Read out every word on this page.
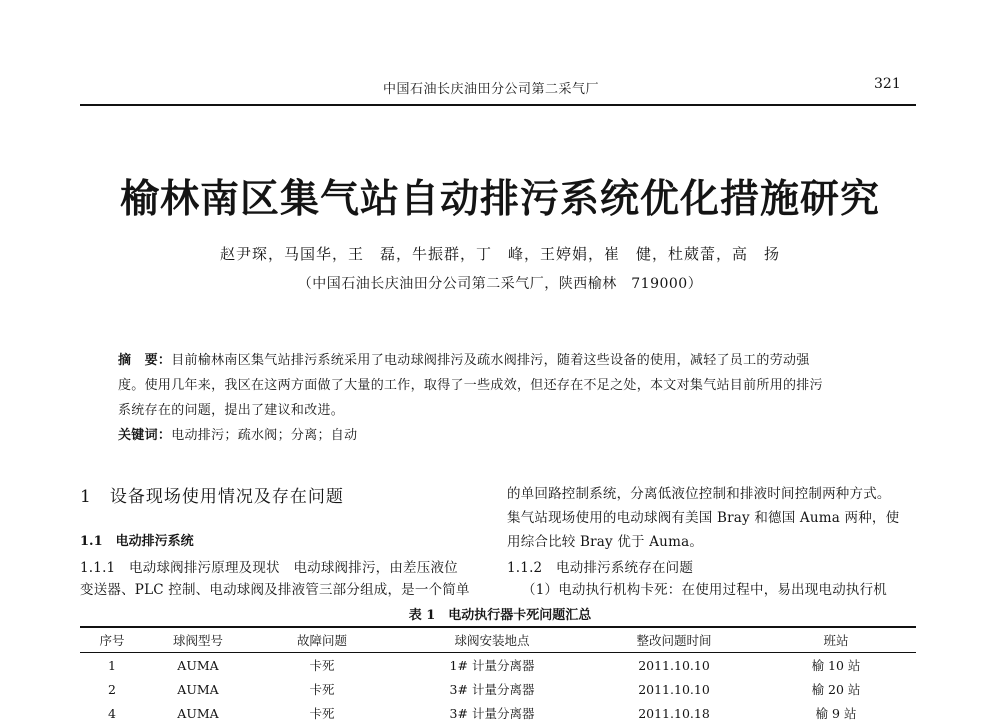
中国石油长庆油田分公司第二采气厂	321
榆林南区集气站自动排污系统优化措施研究
赵尹琛，马国华，王　磊，牛振群，丁　峰，王婷娟，崔　健，杜葳蕾，高　扬
（中国石油长庆油田分公司第二采气厂，陕西榆林　719000）
摘　要：目前榆林南区集气站排污系统采用了电动球阀排污及疏水阀排污，随着这些设备的使用，减轻了员工的劳动强
度。使用几年来，我区在这两方面做了大量的工作，取得了一些成效，但还存在不足之处，本文对集气站目前所用的排污
系统存在的问题，提出了建议和改进。
关键词：电动排污；疏水阀；分离；自动
1　设备现场使用情况及存在问题
1.1　电动排污系统
1.1.1　电动球阀排污原理及现状　电动球阀排污，由差压液位
变送器、PLC 控制、电动球阀及排液管三部分组成，是一个简单
的单回路控制系统，分离低液位控制和排液时间控制两种方式。
集气站现场使用的电动球阀有美国 Bray 和德国 Auma 两种，使
用综合比较 Bray 优于 Auma。
1.1.2　电动排污系统存在问题
（1）电动执行机构卡死：在使用过程中，易出现电动执行机
表 1　电动执行器卡死问题汇总
序号	球阀型号	故障问题	球阀安装地点	整改问题时间	班站
1	AUMA	卡死	1# 计量分离器	2011.10.10	榆 10 站
2	AUMA	卡死	3# 计量分离器	2011.10.10	榆 20 站
4	AUMA	卡死	3# 计量分离器	2011.10.18	榆 9 站
